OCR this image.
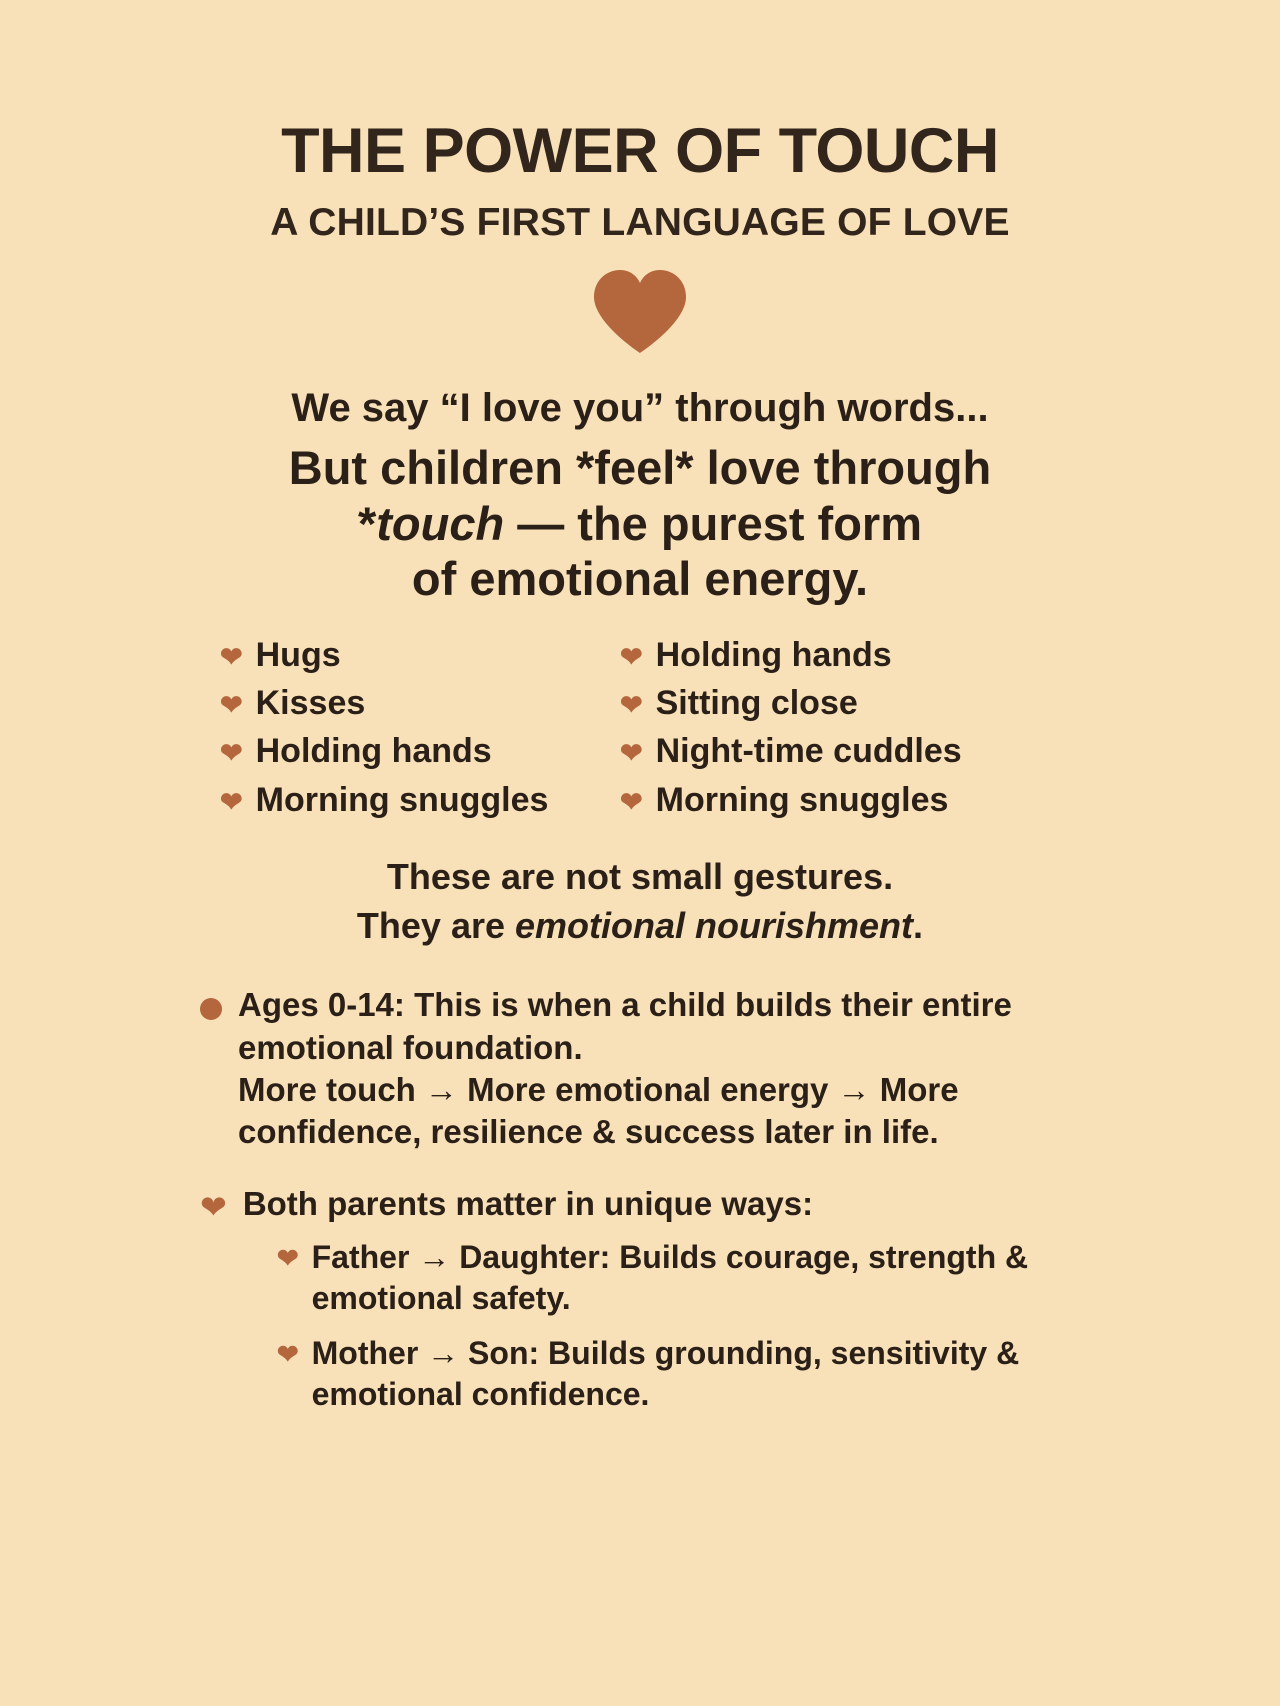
THE POWER OF TOUCH
A CHILD’S FIRST LANGUAGE OF LOVE
We say “I love you” through words...
But children *feel* love through
*touch — the purest form
of emotional energy.
❤ Hugs
❤ Kisses
❤ Holding hands
❤ Morning snuggles
❤ Holding hands
❤ Sitting close
❤ Night-time cuddles
❤ Morning snuggles
These are not small gestures.
They are emotional nourishment.
Ages 0-14: This is when a child builds their entire emotional foundation.
More touch → More emotional energy → More
confidence, resilience & success later in life.
❤ Both parents matter in unique ways:
❤ Father → Daughter: Builds courage, strength & emotional safety.
❤ Mother → Son: Builds grounding, sensitivity & emotional confidence.
